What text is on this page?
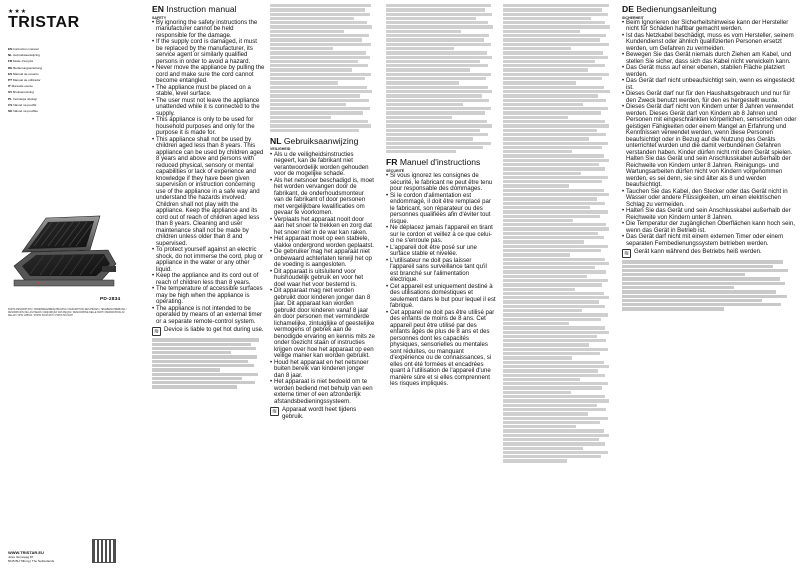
★★★
TRISTAR
EN Instruction manual
NL Gebruiksaanwijzing
FR Mode d'emploi
DE Bedienungsanleitung
ES Manual de usuario
PT Manual de utilizador
IT Manuale utente
SV Bruksanvisning
PL Instrukcja obsługi
CS Návod na použití
SK Návod na použitie
PD-2834
PARTS DESCRIPTION / ONDERDELENBESCHRIJVING / DESCRIPTION DES PIÈCES / TEILEBESCHREIBUNG / DESCRIPCIÓN DE LAS PIEZAS / DESCRIÇÃO DAS PEÇAS / DESCRIZIONE DELLE PARTI / BESKRIVNING AV DELAR / OPIS CZĘŚCI / POPIS SOUČÁSTÍ / POPIS SÚČASTÍ
WWW.TRISTAR.EU
Jules Verneweg 87
5015 BH Tilburg | The Netherlands
EN Instruction manual
SAFETY
• By ignoring the safety instructions the manufacturer cannot be held responsible for the damage.
• If the supply cord is damaged, it must be replaced by the manufacturer, its service agent or similarly qualified persons in order to avoid a hazard.
• Never move the appliance by pulling the cord and make sure the cord cannot become entangled.
• The appliance must be placed on a stable, level surface.
• The user must not leave the appliance unattended while it is connected to the supply.
• This appliance is only to be used for household purposes and only for the purpose it is made for.
• This appliance shall not be used by children aged less than 8 years. This appliance can be used by children aged 8 years and above and persons with reduced physical, sensory or mental capabilities or lack of experience and knowledge if they have been given supervision or instruction concerning use of the appliance in a safe way and understand the hazards involved. Children shall not play with the appliance. Keep the appliance and its cord out of reach of children aged less than 8 years. Cleaning and user maintenance shall not be made by children unless older than 8 and supervised.
• To protect yourself against an electric shock, do not immerse the cord, plug or appliance in the water or any other liquid.
• Keep the appliance and its cord out of reach of children less than 8 years.
• The temperature of accessible surfaces may be high when the appliance is operating.
• The appliance is not intended to be operated by means of an external timer or a separate remote-control system.
≋ Device is liable to get hot during use.
NL Gebruiksaanwijzing
VEILIGHEID
• Als u de veiligheidsinstructies negeert, kan de fabrikant niet verantwoordelijk worden gehouden voor de mogelijke schade.
• Als het netsnoer beschadigd is, moet het worden vervangen door de fabrikant, de onderhoudsmonteur van de fabrikant of door personen met vergelijkbare kwalificaties om gevaar te voorkomen.
• Verplaats het apparaat nooit door aan het snoer te trekken en zorg dat het snoer niet in de war kan raken.
• Het apparaat moet op een stabiele, vlakke ondergrond worden geplaatst.
• De gebruiker mag het apparaat niet onbewaard achterlaten terwijl het op de voeding is aangesloten.
• Dit apparaat is uitsluitend voor huishoudelijk gebruik en voor het doel waar het voor bestemd is.
• Dit apparaat mag niet worden gebruikt door kinderen jonger dan 8 jaar. Dit apparaat kan worden gebruikt door kinderen vanaf 8 jaar en door personen met verminderde lichamelijke, zintuiglijke of geestelijke vermogens of gebrek aan de benodigde ervaring en kennis mits ze onder toezicht staan of instructies krijgen over hoe het apparaat op een veilige manier kan worden gebruikt.
• Houd het apparaat en het netsnoer buiten bereik van kinderen jonger dan 8 jaar.
• Het apparaat is niet bedoeld om te worden bediend met behulp van een externe timer of een afzonderlijk afstandsbedieningssysteem.
≋ Apparaat wordt heet tijdens gebruik.
FR Manuel d'instructions
SÉCURITÉ
• Si vous ignorez les consignes de sécurité, le fabricant ne peut être tenu pour responsable des dommages.
• Si le cordon d'alimentation est endommagé, il doit être remplacé par le fabricant, son réparateur ou des personnes qualifiées afin d'éviter tout risque.
• Ne déplacez jamais l'appareil en tirant sur le cordon et veillez à ce que celui-ci ne s'enroule pas.
• L'appareil doit être posé sur une surface stable et nivelée.
• L'utilisateur ne doit pas laisser l'appareil sans surveillance tant qu'il est branché sur l'alimentation électrique.
• Cet appareil est uniquement destiné à des utilisations domestiques et seulement dans le but pour lequel il est fabriqué.
• Cet appareil ne doit pas être utilisé par des enfants de moins de 8 ans. Cet appareil peut être utilisé par des enfants âgés de plus de 8 ans et des personnes dont les capacités physiques, sensorielles ou mentales sont réduites, ou manquant d'expérience ou de connaissances, si elles ont été formées et encadrées quant à l'utilisation de l'appareil d'une manière sûre et si elles comprennent les risques impliqués.
DE Bedienungsanleitung
SICHERHEIT
• Beim Ignorieren der Sicherheitshinweise kann der Hersteller nicht für Schäden haftbar gemacht werden.
• Ist das Netzkabel beschädigt, muss es vom Hersteller, seinem Kundendienst oder ähnlich qualifizierten Personen ersetzt werden, um Gefahren zu vermeiden.
• Bewegen Sie das Gerät niemals durch Ziehen am Kabel, und stellen Sie sicher, dass sich das Kabel nicht verwickeln kann.
• Das Gerät muss auf einer ebenen, stabilen Fläche platziert werden.
• Das Gerät darf nicht unbeaufsichtigt sein, wenn es eingesteckt ist.
• Dieses Gerät darf nur für den Haushaltsgebrauch und nur für den Zweck benutzt werden, für den es hergestellt wurde.
• Dieses Gerät darf nicht von Kindern unter 8 Jahren verwendet werden. Dieses Gerät darf von Kindern ab 8 Jahren und Personen mit eingeschränkten körperlichen, sensorischen oder geistigen Fähigkeiten oder einem Mangel an Erfahrung und Kenntnissen verwendet werden, wenn diese Personen beaufsichtigt oder in Bezug auf die Nutzung des Geräts unterrichtet wurden und die damit verbundenen Gefahren verstanden haben. Kinder dürfen nicht mit dem Gerät spielen. Halten Sie das Gerät und sein Anschlusskabel außerhalb der Reichweite von Kindern unter 8 Jahren. Reinigungs- und Wartungsarbeiten dürfen nicht von Kindern vorgenommen werden, es sei denn, sie sind älter als 8 und werden beaufsichtigt.
• Tauchen Sie das Kabel, den Stecker oder das Gerät nicht in Wasser oder andere Flüssigkeiten, um einen elektrischen Schlag zu vermeiden.
• Halten Sie das Gerät und sein Anschlusskabel außerhalb der Reichweite von Kindern unter 8 Jahren.
• Die Temperatur der zugänglichen Oberflächen kann hoch sein, wenn das Gerät in Betrieb ist.
• Das Gerät darf nicht mit einem externen Timer oder einem separaten Fernbedienungssystem betrieben werden.
≋ Gerät kann während des Betriebs heiß werden.
